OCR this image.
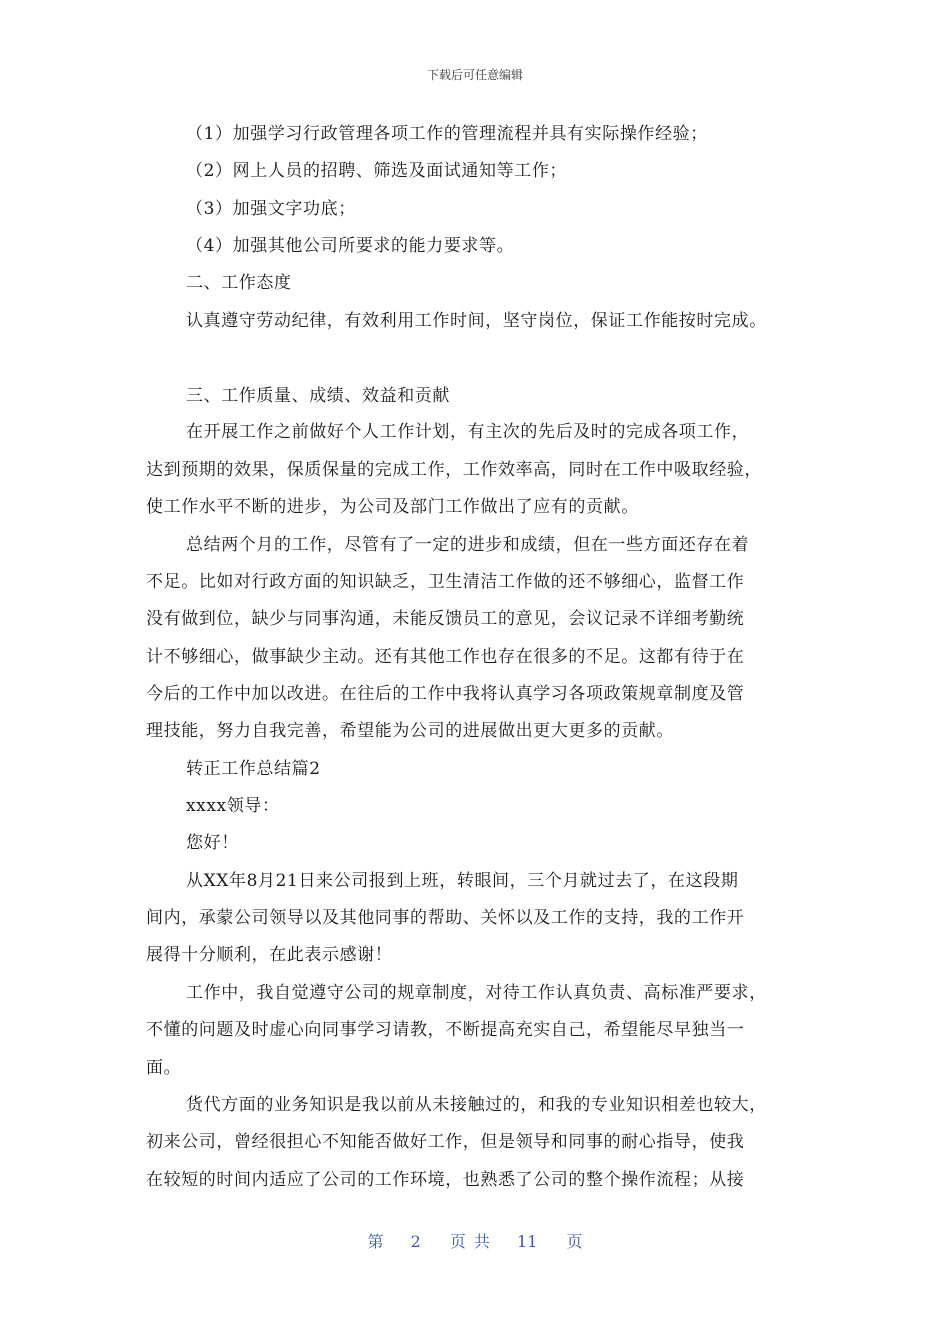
下载后可任意编辑
（1）加强学习行政管理各项工作的管理流程并具有实际操作经验；
（2）网上人员的招聘、筛选及面试通知等工作；
（3）加强文字功底；
（4）加强其他公司所要求的能力要求等。
二、工作态度
认真遵守劳动纪律，有效利用工作时间，坚守岗位，保证工作能按时完成。
三、工作质量、成绩、效益和贡献
在开展工作之前做好个人工作计划，有主次的先后及时的完成各项工作，
达到预期的效果，保质保量的完成工作，工作效率高，同时在工作中吸取经验，
使工作水平不断的进步，为公司及部门工作做出了应有的贡献。
总结两个月的工作，尽管有了一定的进步和成绩，但在一些方面还存在着
不足。比如对行政方面的知识缺乏，卫生清洁工作做的还不够细心，监督工作
没有做到位，缺少与同事沟通，未能反馈员工的意见，会议记录不详细考勤统
计不够细心，做事缺少主动。还有其他工作也存在很多的不足。这都有待于在
今后的工作中加以改进。在往后的工作中我将认真学习各项政策规章制度及管
理技能，努力自我完善，希望能为公司的进展做出更大更多的贡献。
转正工作总结篇2
xxxx领导：
您好！
从XX年8月21日来公司报到上班，转眼间，三个月就过去了，在这段期
间内，承蒙公司领导以及其他同事的帮助、关怀以及工作的支持，我的工作开
展得十分顺利，在此表示感谢！
工作中，我自觉遵守公司的规章制度，对待工作认真负责、高标准严要求，
不懂的问题及时虚心向同事学习请教，不断提高充实自己，希望能尽早独当一
面。
货代方面的业务知识是我以前从未接触过的，和我的专业知识相差也较大，
初来公司，曾经很担心不知能否做好工作，但是领导和同事的耐心指导，使我
在较短的时间内适应了公司的工作环境，也熟悉了公司的整个操作流程；从接
第 2 页共 11 页
